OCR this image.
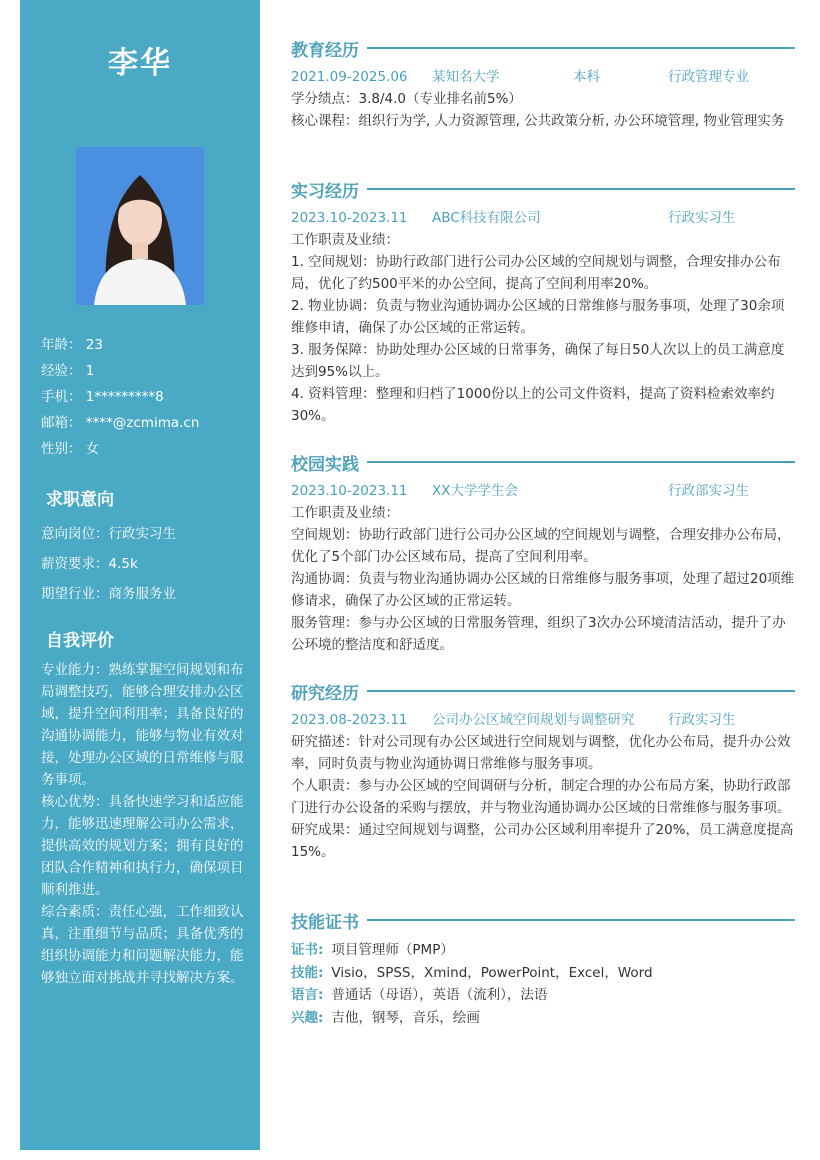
李华
年龄： 23
经验： 1
手机： 1*********8
邮箱： ****@zcmima.cn
性别： 女
求职意向
意向岗位：行政实习生
薪资要求：4.5k
期望行业：商务服务业
自我评价
专业能力：熟练掌握空间规划和布局调整技巧，能够合理安排办公区域，提升空间利用率；具备良好的沟通协调能力，能够与物业有效对接，处理办公区域的日常维修与服务事项。
核心优势：具备快速学习和适应能力，能够迅速理解公司办公需求，提供高效的规划方案；拥有良好的团队合作精神和执行力，确保项目顺利推进。
综合素质：责任心强，工作细致认真，注重细节与品质；具备优秀的组织协调能力和问题解决能力，能够独立面对挑战并寻找解决方案。
教育经历
2021.09-2025.06	某知名大学	本科	行政管理专业

学分绩点：3.8/4.0（专业排名前5%）

核心课程：组织行为学, 人力资源管理, 公共政策分析, 办公环境管理, 物业管理实务

实习经历
2023.10-2023.11	ABC科技有限公司	行政实习生

工作职责及业绩：

1. 空间规划：协助行政部门进行公司办公区域的空间规划与调整，合理安排办公布局，优化了约500平米的办公空间，提高了空间利用率20%。

2. 物业协调：负责与物业沟通协调办公区域的日常维修与服务事项，处理了30余项维修申请，确保了办公区域的正常运转。

3. 服务保障：协助处理办公区域的日常事务，确保了每日50人次以上的员工满意度达到95%以上。

4. 资料管理：整理和归档了1000份以上的公司文件资料，提高了资料检索效率约30%。

校园实践
2023.10-2023.11	XX大学学生会	行政部实习生

工作职责及业绩：

空间规划：协助行政部门进行公司办公区域的空间规划与调整，合理安排办公布局，优化了5个部门办公区域布局，提高了空间利用率。

沟通协调：负责与物业沟通协调办公区域的日常维修与服务事项，处理了超过20项维修请求，确保了办公区域的正常运转。

服务管理：参与办公区域的日常服务管理，组织了3次办公环境清洁活动，提升了办公环境的整洁度和舒适度。

研究经历
2023.08-2023.11	公司办公区域空间规划与调整研究	行政实习生

研究描述：针对公司现有办公区域进行空间规划与调整，优化办公布局，提升办公效率，同时负责与物业沟通协调日常维修与服务事项。

个人职责：参与办公区域的空间调研与分析，制定合理的办公布局方案，协助行政部门进行办公设备的采购与摆放，并与物业沟通协调办公区域的日常维修与服务事项。

研究成果：通过空间规划与调整，公司办公区域利用率提升了20%，员工满意度提高15%。

技能证书
证书: 项目管理师（PMP）
技能: Visio，SPSS，Xmind，PowerPoint，Excel，Word
语言: 普通话（母语），英语（流利），法语
兴趣: 吉他，钢琴，音乐，绘画
